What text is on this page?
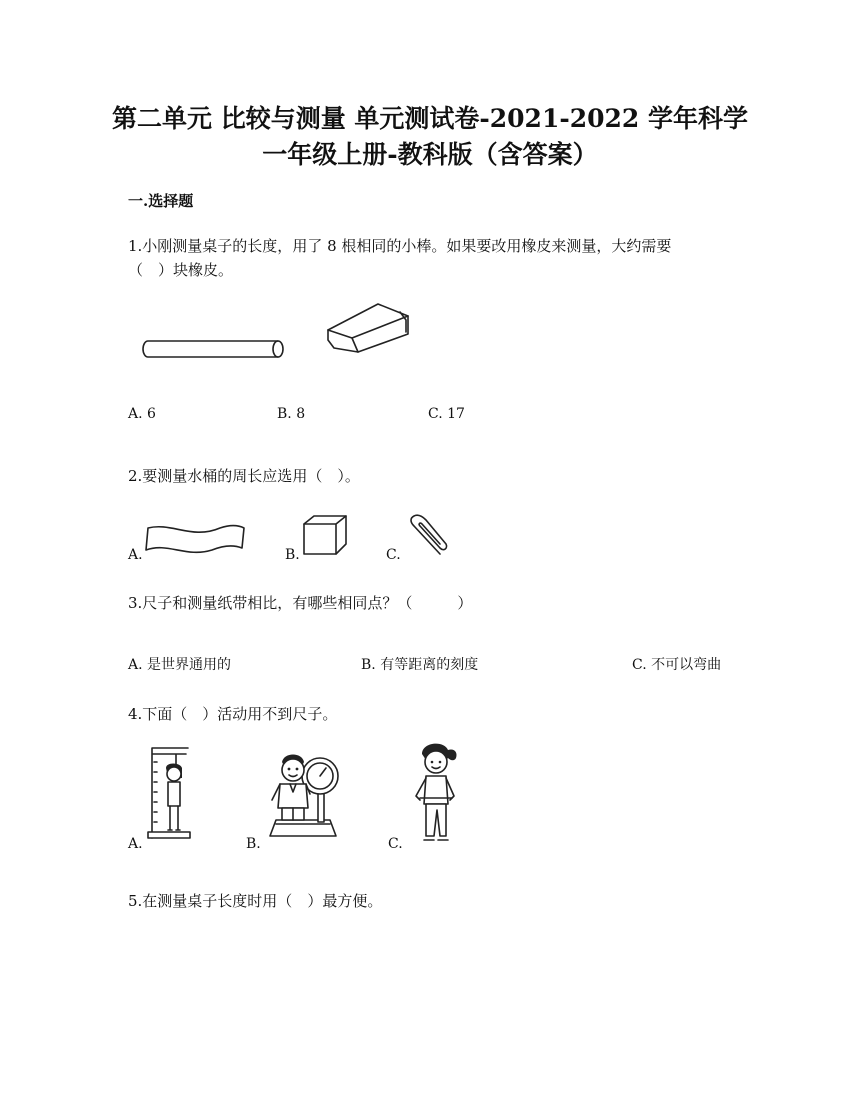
第二单元 比较与测量 单元测试卷-2021-2022 学年科学
一年级上册-教科版（含答案）
一.选择题
1.小刚测量桌子的长度，用了 8 根相同的小棒。如果要改用橡皮来测量，大约需要
（　）块橡皮。
A. 6	B. 8	C. 17
2.要测量水桶的周长应选用（　）。
A.	B.	C.
3.尺子和测量纸带相比，有哪些相同点？（　　　）
A. 是世界通用的	B. 有等距离的刻度	C. 不可以弯曲
4.下面（　）活动用不到尺子。
A.	B.	C.
5.在测量桌子长度时用（　）最方便。
